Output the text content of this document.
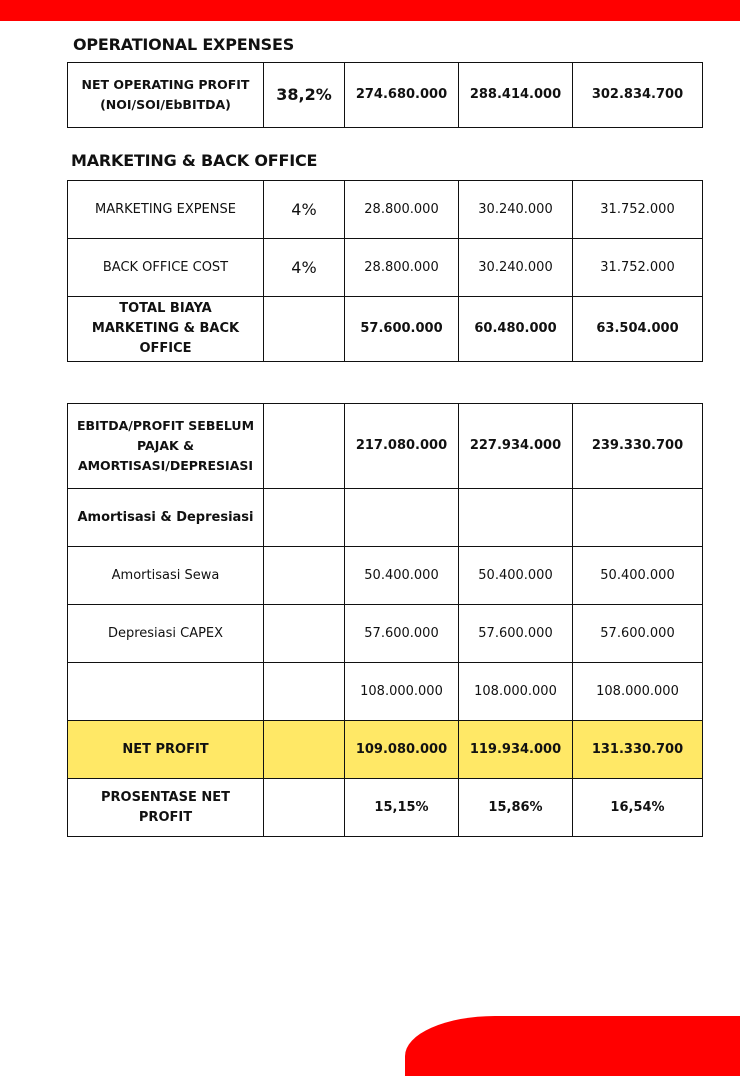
OPERATIONAL EXPENSES
NET OPERATING PROFIT (NOI/SOI/EbBITDA)	38,2%	274.680.000	288.414.000	302.834.700
MARKETING & BACK OFFICE
MARKETING EXPENSE	4%	28.800.000	30.240.000	31.752.000
BACK OFFICE COST	4%	28.800.000	30.240.000	31.752.000
TOTAL BIAYA MARKETING & BACK OFFICE		57.600.000	60.480.000	63.504.000
EBITDA/PROFIT SEBELUM PAJAK & AMORTISASI/DEPRESIASI		217.080.000	227.934.000	239.330.700
Amortisasi & Depresiasi				
Amortisasi Sewa		50.400.000	50.400.000	50.400.000
Depresiasi CAPEX		57.600.000	57.600.000	57.600.000
		108.000.000	108.000.000	108.000.000
NET PROFIT		109.080.000	119.934.000	131.330.700
PROSENTASE NET PROFIT		15,15%	15,86%	16,54%
